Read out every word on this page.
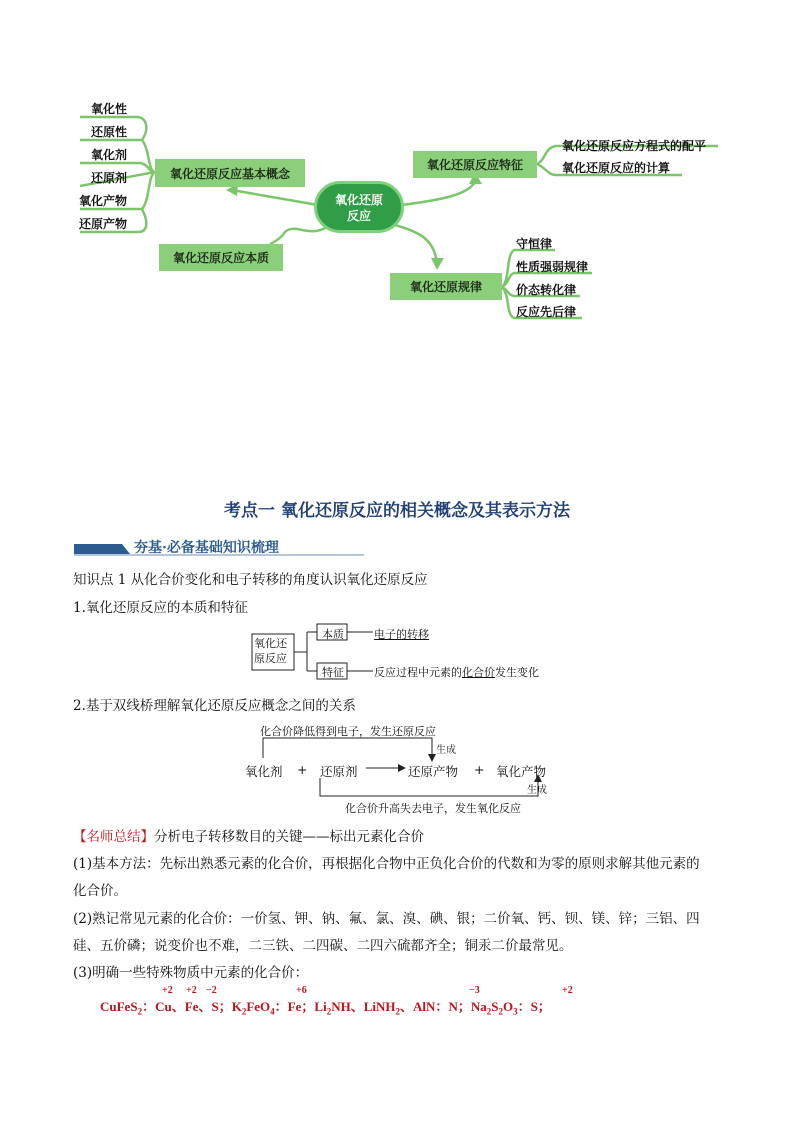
氧化还原反应
氧化还原反应基本概念
氧化还原反应本质
氧化还原反应特征
氧化还原规律
氧化性
还原性
氧化剂
还原剂
氧化产物
还原产物
氧化还原反应方程式的配平
氧化还原反应的计算
守恒律
性质强弱规律
价态转化律
反应先后律
考点一 氧化还原反应的相关概念及其表示方法
夯基·必备基础知识梳理
知识点 1 从化合价变化和电子转移的角度认识氧化还原反应
1.氧化还原反应的本质和特征
氧化还原反应
本质	电子的转移
特征	反应过程中元素的化合价发生变化
2.基于双线桥理解氧化还原反应概念之间的关系
化合价降低得到电子，发生还原反应
生成
氧化剂 + 还原剂	还原产物 + 氧化产物
生成
化合价升高失去电子，发生氧化反应
【名师总结】分析电子转移数目的关键——标出元素化合价
(1)基本方法：先标出熟悉元素的化合价，再根据化合物中正负化合价的代数和为零的原则求解其他元素的
化合价。
(2)熟记常见元素的化合价：一价氢、钾、钠、氟、氯、溴、碘、银；二价氧、钙、钡、镁、锌；三铝、四
硅、五价磷；说变价也不难，二三铁、二四碳、二四六硫都齐全；铜汞二价最常见。
(3)明确一些特殊物质中元素的化合价：
CuFeS$_2$：Cu、Fe、S；$K_2FeO_4$：Fe；$Li_2NH$、LiNH$_2$、AlN：N；$Na_2S_2O_3$：S；
+2 +2 −2	+6	−3	+2
